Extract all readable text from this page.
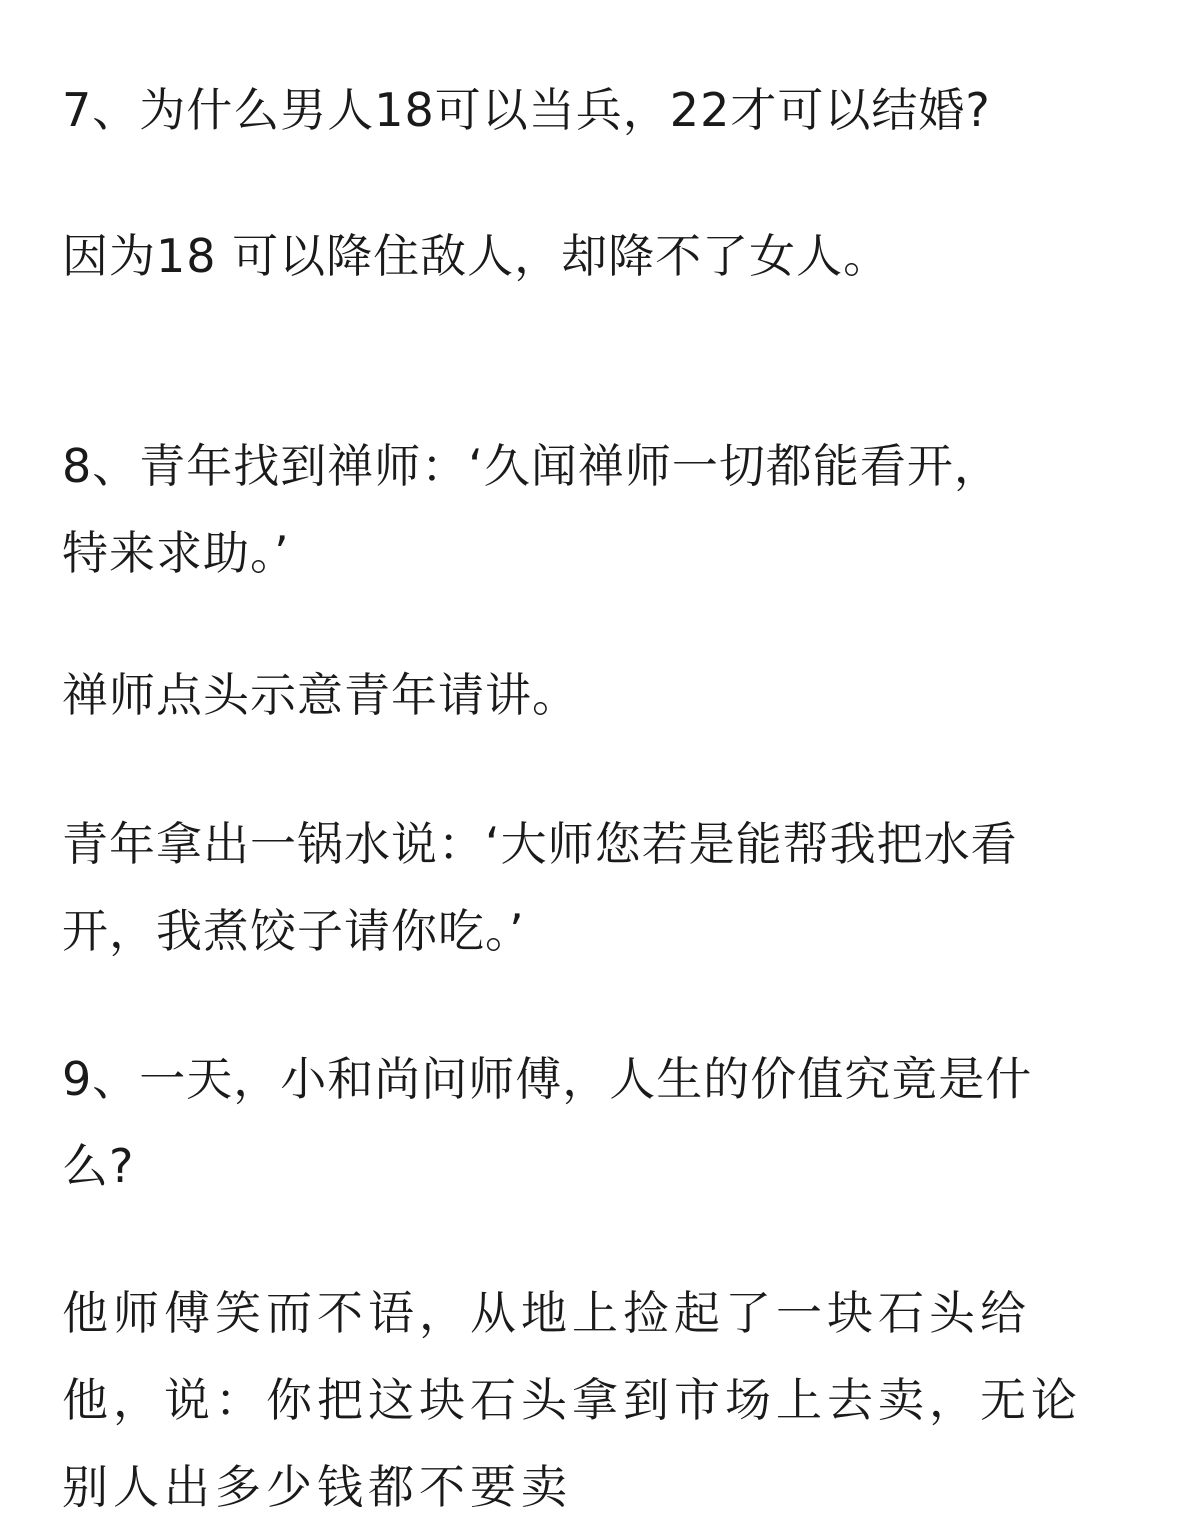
7、为什么男人18可以当兵，22才可以结婚?

因为18 可以降住敌人，却降不了女人。

8、青年找到禅师：‘久闻禅师一切都能看开，
特来求助。’

禅师点头示意青年请讲。

青年拿出一锅水说：‘大师您若是能帮我把水看
开，我煮饺子请你吃。’

9、一天，小和尚问师傅，人生的价值究竟是什
么?

他师傅笑而不语，从地上捡起了一块石头给
他，说：你把这块石头拿到市场上去卖，无论
别人出多少钱都不要卖
